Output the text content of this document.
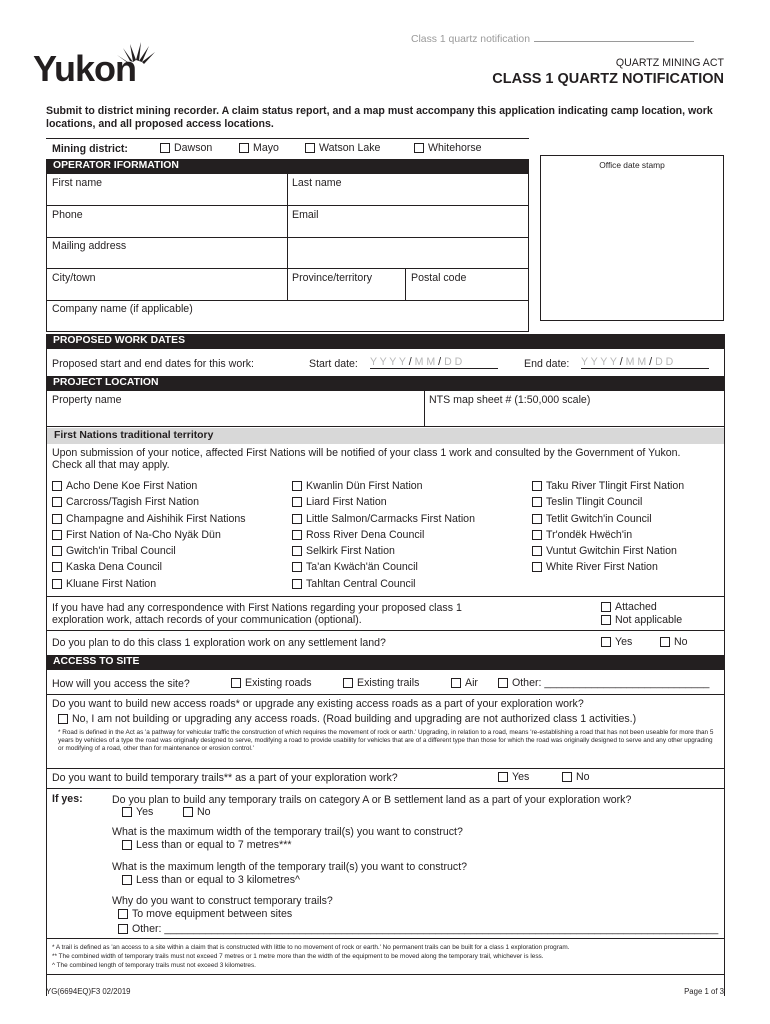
Class 1 quartz notification
Yukon	QUARTZ MINING ACT
CLASS 1 QUARTZ NOTIFICATION
Submit to district mining recorder. A claim status report, and a map must accompany this application indicating camp location, work locations, and all proposed access locations.
Mining district:	Dawson	Mayo	Watson Lake	Whitehorse
Office date stamp
OPERATOR IFORMATION
First name	Last name
Phone	Email
Mailing address
City/town	Province/territory	Postal code
Company name (if applicable)
PROPOSED WORK DATES
Proposed start and end dates for this work:	Start date: Y Y Y Y / M M / D D	End date: Y Y Y Y / M M / D D
PROJECT LOCATION
Property name	NTS map sheet # (1:50,000 scale)
First Nations traditional territory
Upon submission of your notice, affected First Nations will be notified of your class 1 work and consulted by the Government of Yukon. Check all that may apply.
Acho Dene Koe First Nation
Carcross/Tagish First Nation
Champagne and Aishihik First Nations
First Nation of Na-Cho Nyäk Dün
Gwitch'in Tribal Council
Kaska Dena Council
Kluane First Nation
Kwanlin Dün First Nation
Liard First Nation
Little Salmon/Carmacks First Nation
Ross River Dena Council
Selkirk First Nation
Ta'an Kwäch'än Council
Tahltan Central Council
Taku River Tlingit First Nation
Teslin Tlingit Council
Tetlit Gwitch'in Council
Tr'ondëk Hwëch'in
Vuntut Gwitchin First Nation
White River First Nation
If you have had any correspondence with First Nations regarding your proposed class 1 exploration work, attach records of your communication (optional).
Attached
Not applicable
Do you plan to do this class 1 exploration work on any settlement land?	Yes	No
ACCESS TO SITE
How will you access the site?	Existing roads	Existing trails	Air	Other: ____________________________
Do you want to build new access roads* or upgrade any existing access roads as a part of your exploration work?
No, I am not building or upgrading any access roads. (Road building and upgrading are not authorized class 1 activities.)
* Road is defined in the Act as 'a pathway for vehicular traffic the construction of which requires the movement of rock or earth.' Upgrading, in relation to a road, means 're-establishing a road that has not been useable for more than 5 years by vehicles of a type the road was originally designed to serve, modifying a road to provide usability for vehicles that are of a different type than those for which the road was originally designed to serve and any other upgrading or modifying of a road, other than for maintenance or erosion control.'
Do you want to build temporary trails** as a part of your exploration work?	Yes	No
If yes:	Do you plan to build any temporary trails on category A or B settlement land as a part of your exploration work?
Yes	No
What is the maximum width of the temporary trail(s) you want to construct?
Less than or equal to 7 metres***
What is the maximum length of the temporary trail(s) you want to construct?
Less than or equal to 3 kilometres^
Why do you want to construct temporary trails?
To move equipment between sites
Other: ______________________________________________________________________________________________
* A trail is defined as 'an access to a site within a claim that is constructed with little to no movement of rock or earth.' No permanent trails can be built for a class 1 exploration program.
** The combined width of temporary trails must not exceed 7 metres or 1 metre more than the width of the equipment to be moved along the temporary trail, whichever is less.
^ The combined length of temporary trails must not exceed 3 kilometres.
YG(6694EQ)F3 02/2019	Page 1 of 3
